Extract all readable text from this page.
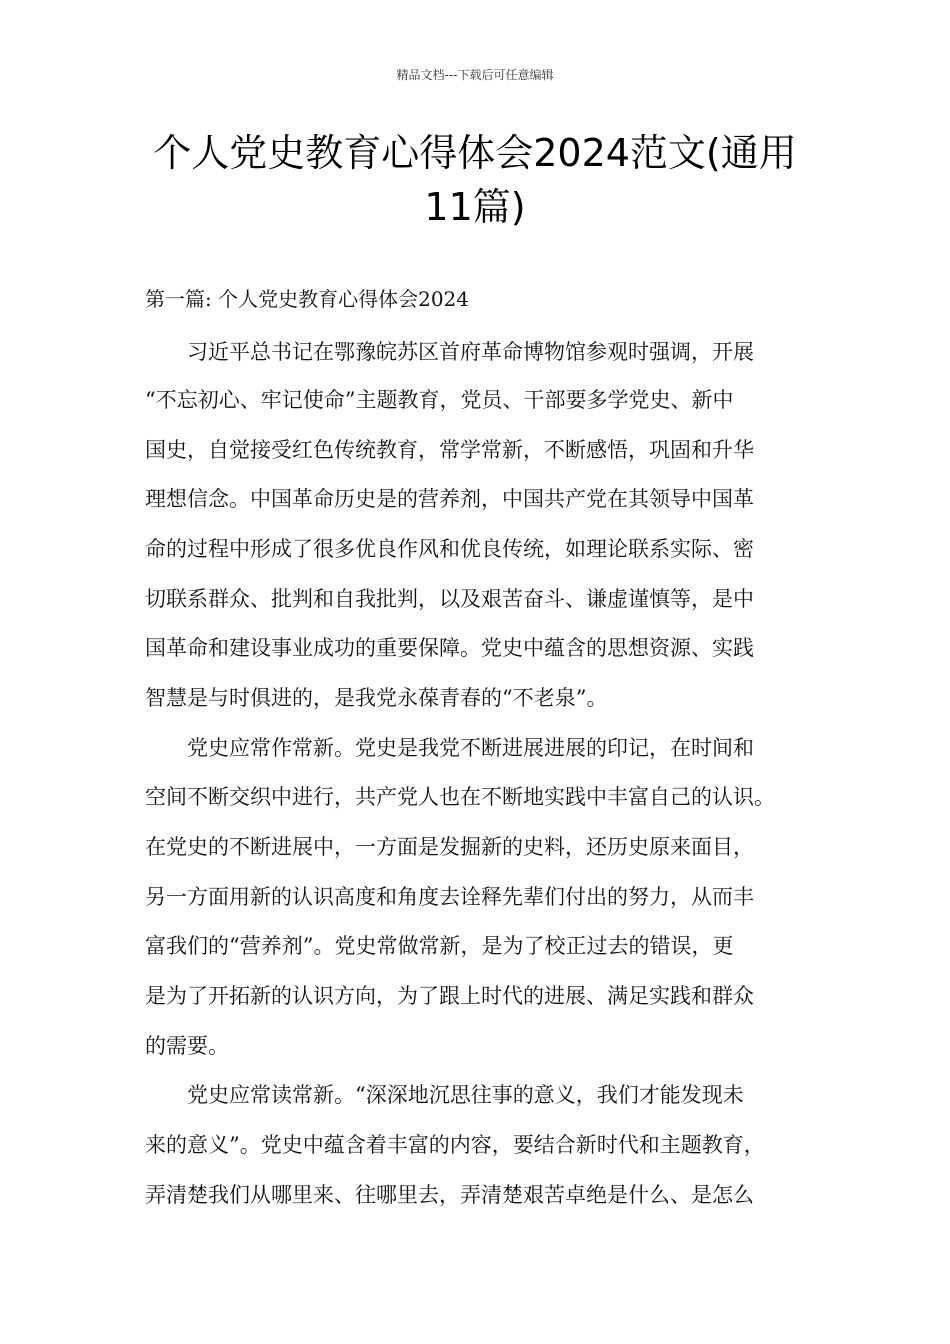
精品文档---下载后可任意编辑
个人党史教育心得体会2024范文(通用
11篇)
第一篇: 个人党史教育心得体会2024
习近平总书记在鄂豫皖苏区首府革命博物馆参观时强调，开展
“不忘初心、牢记使命”主题教育，党员、干部要多学党史、新中
国史，自觉接受红色传统教育，常学常新，不断感悟，巩固和升华
理想信念。中国革命历史是的营养剂，中国共产党在其领导中国革
命的过程中形成了很多优良作风和优良传统，如理论联系实际、密
切联系群众、批判和自我批判，以及艰苦奋斗、谦虚谨慎等，是中
国革命和建设事业成功的重要保障。党史中蕴含的思想资源、实践
智慧是与时俱进的，是我党永葆青春的“不老泉”。
党史应常作常新。党史是我党不断进展进展的印记，在时间和
空间不断交织中进行，共产党人也在不断地实践中丰富自己的认识。
在党史的不断进展中，一方面是发掘新的史料，还历史原来面目，
另一方面用新的认识高度和角度去诠释先辈们付出的努力，从而丰
富我们的“营养剂”。党史常做常新，是为了校正过去的错误，更
是为了开拓新的认识方向，为了跟上时代的进展、满足实践和群众
的需要。
党史应常读常新。“深深地沉思往事的意义，我们才能发现未
来的意义”。党史中蕴含着丰富的内容，要结合新时代和主题教育，
弄清楚我们从哪里来、往哪里去，弄清楚艰苦卓绝是什么、是怎么
